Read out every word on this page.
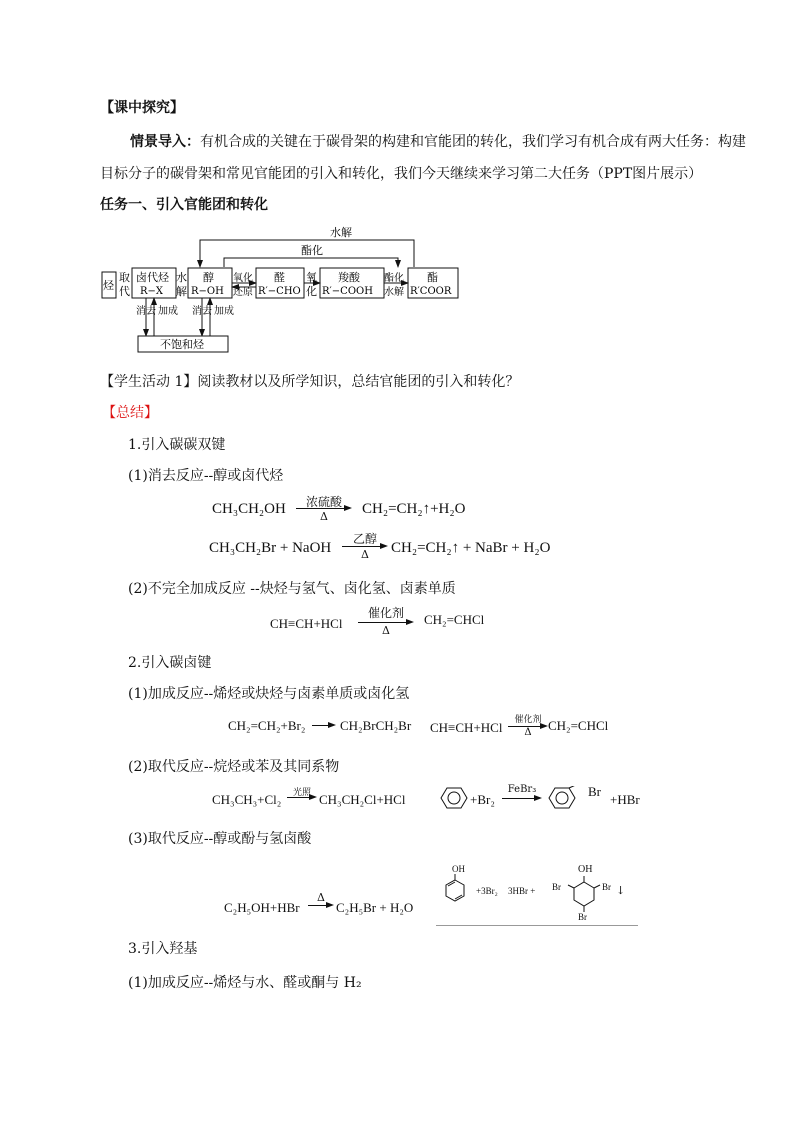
【课中探究】
情景导入：有机合成的关键在于碳骨架的构建和官能团的转化，我们学习有机合成有两大任务：构建
目标分子的碳骨架和常见官能团的引入和转化，我们今天继续来学习第二大任务（PPT图片展示）
任务一、引入官能团和转化
水解
酯化
烃
卤代烃
R−X
醇
R−OH
醛
R′−CHO
羧酸
R′−COOH
酯
R′COOR
取
代
水
解
氧化
还原
氧
化
酯化
水解
消去 加成 消去 加成
不饱和烃
【学生活动 1】阅读教材以及所学知识，总结官能团的引入和转化？
【总结】
1.引入碳碳双键
(1)消去反应--醇或卤代烃
CH₃CH₂OH	浓硫酸
Δ	CH₂=CH₂↑+H₂O
CH₃CH₂Br + NaOH
乙醇
Δ	CH₂=CH₂↑ + NaBr + H₂O
(2)不完全加成反应 --炔烃与氢气、卤化氢、卤素单质
CH≡CH+HCl
催化剂
Δ
CH₂=CHCl
2.引入碳卤键
(1)加成反应--烯烃或炔烃与卤素单质或卤化氢
CH₂=CH₂+Br₂	CH₂BrCH₂Br CH≡CH+HCl	催化剂
Δ	CH₂=CHCl
(2)取代反应--烷烃或苯及其同系物
CH₃CH₃+Cl₂	光照 CH₃CH₂Cl+HCl	+Br₂
FeBr₃	Br
+HBr
(3)取代反应--醇或酚与氢卤酸
C₂H₅OH+HBr
Δ
C₂H₅Br + H₂O
OH
+3Br₂ 3HBr +
OH
Br	Br
Br
↓
3.引入羟基
(1)加成反应--烯烃与水、醛或酮与 H₂
